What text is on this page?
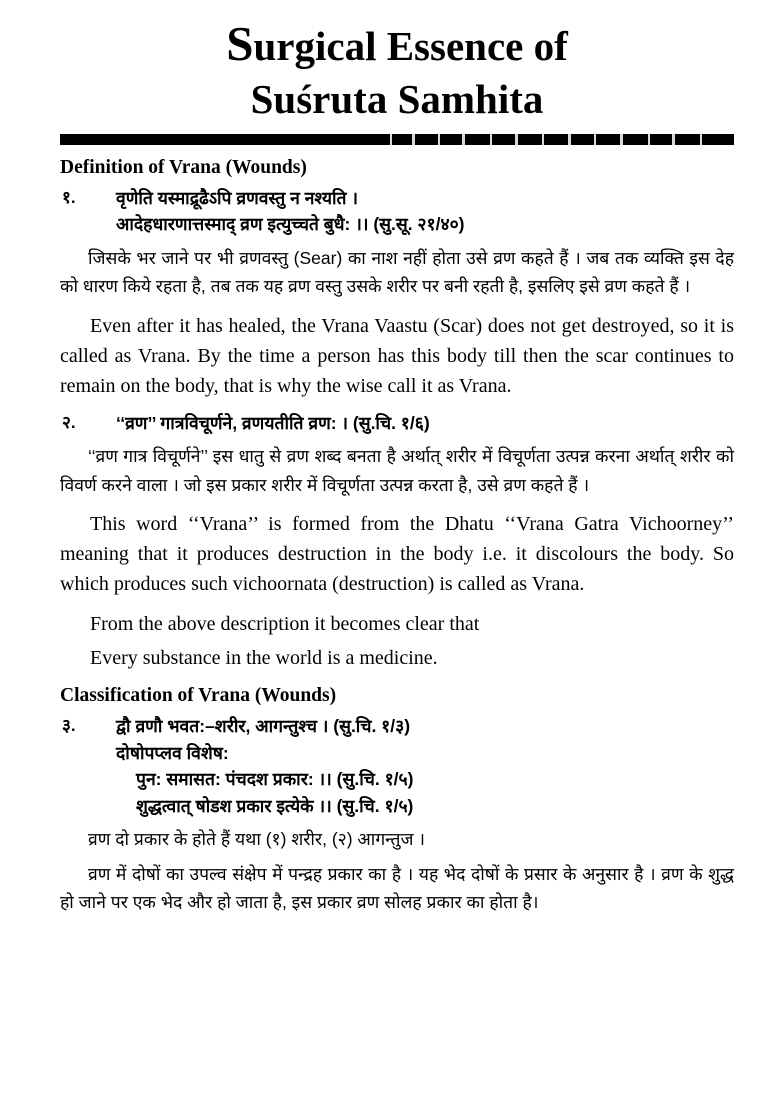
Surgical Essence of
Suśruta Samhita
Definition of Vrana (Wounds)
१.	वृणेति यस्माद्रूढैऽपि व्रणवस्तु न नश्यति ।

आदेहधारणात्तस्माद् व्रण इत्युच्चते बुधै: ।। (सु.सू. २१/४०)

जिसके भर जाने पर भी व्रणवस्तु (Sear) का नाश नहीं होता उसे व्रण कहते हैं । जब तक व्यक्ति इस देह को धारण किये रहता है, तब तक यह व्रण वस्तु उसके शरीर पर बनी रहती है, इसलिए इसे व्रण कहते हैं ।

Even after it has healed, the Vrana Vaastu (Scar) does not get destroyed, so it is called as Vrana. By the time a person has this body till then the scar continues to remain on the body, that is why the wise call it as Vrana.

२.	‘‘व्रण’’ गात्रविचूर्णने, व्रणयतीति व्रण: । (सु.चि. १/६)

‘‘व्रण गात्र विचूर्णने’’ इस धातु से व्रण शब्द बनता है अर्थात् शरीर में विचूर्णता उत्पन्न करना अर्थात् शरीर को विवर्ण करने वाला । जो इस प्रकार शरीर में विचूर्णता उत्पन्न करता है, उसे व्रण कहते हैं ।

This word ‘‘Vrana’’ is formed from the Dhatu ‘‘Vrana Gatra Vichoorney’’ meaning that it produces destruction in the body i.e. it discolours the body. So which produces such vichoornata (destruction) is called as Vrana.

From the above description it becomes clear that

Every substance in the world is a medicine.

Classification of Vrana (Wounds)
३.	द्वौ व्रणौ भवत:–शरीर, आगन्तुश्च । (सु.चि. १/३)

दोषोपप्लव विशेष:

पुन: समासत: पंचदश प्रकार: ।। (सु.चि. १/५)

शुद्धत्वात् षोडश प्रकार इत्येके ।। (सु.चि. १/५)

व्रण दो प्रकार के होते हैं यथा (१) शरीर, (२) आगन्तुज ।

व्रण में दोषों का उपल्व संक्षेप में पन्द्रह प्रकार का है । यह भेद दोषों के प्रसार के अनुसार है । व्रण के शुद्ध हो जाने पर एक भेद और हो जाता है, इस प्रकार व्रण सोलह प्रकार का होता है।
